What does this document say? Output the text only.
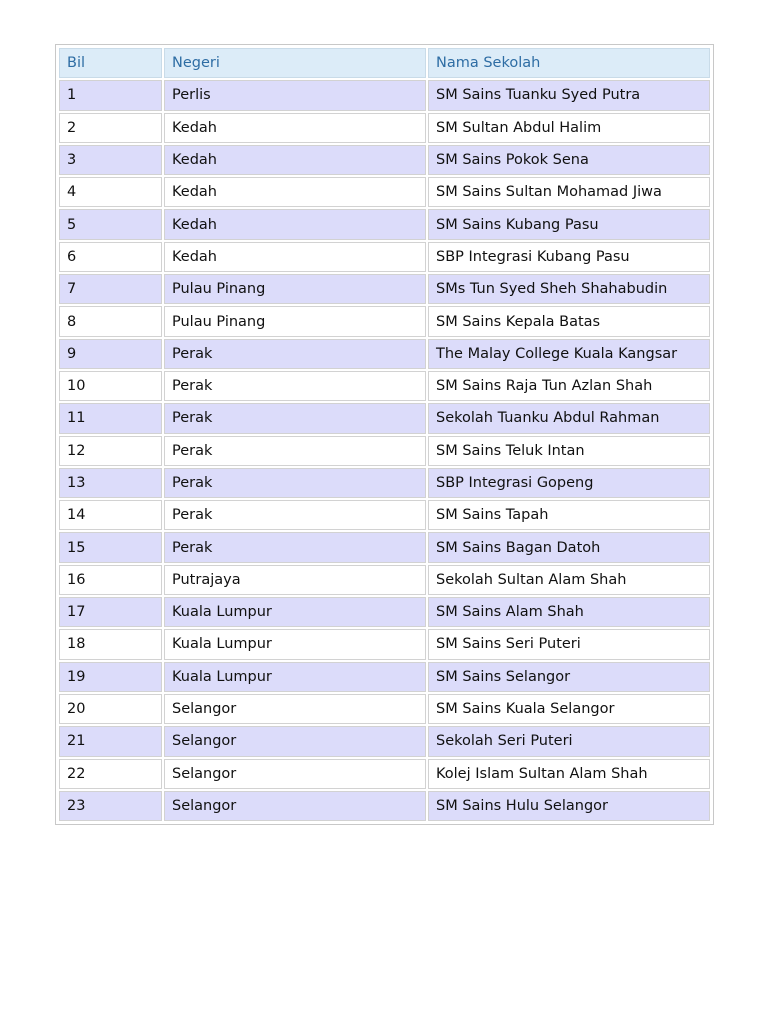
Bil	Negeri	Nama Sekolah
1	Perlis	SM Sains Tuanku Syed Putra
2	Kedah	SM Sultan Abdul Halim
3	Kedah	SM Sains Pokok Sena
4	Kedah	SM Sains Sultan Mohamad Jiwa
5	Kedah	SM Sains Kubang Pasu
6	Kedah	SBP Integrasi Kubang Pasu
7	Pulau Pinang	SMs Tun Syed Sheh Shahabudin
8	Pulau Pinang	SM Sains Kepala Batas
9	Perak	The Malay College Kuala Kangsar
10	Perak	SM Sains Raja Tun Azlan Shah
11	Perak	Sekolah Tuanku Abdul Rahman
12	Perak	SM Sains Teluk Intan
13	Perak	SBP Integrasi Gopeng
14	Perak	SM Sains Tapah
15	Perak	SM Sains Bagan Datoh
16	Putrajaya	Sekolah Sultan Alam Shah
17	Kuala Lumpur	SM Sains Alam Shah
18	Kuala Lumpur	SM Sains Seri Puteri
19	Kuala Lumpur	SM Sains Selangor
20	Selangor	SM Sains Kuala Selangor
21	Selangor	Sekolah Seri Puteri
22	Selangor	Kolej Islam Sultan Alam Shah
23	Selangor	SM Sains Hulu Selangor
